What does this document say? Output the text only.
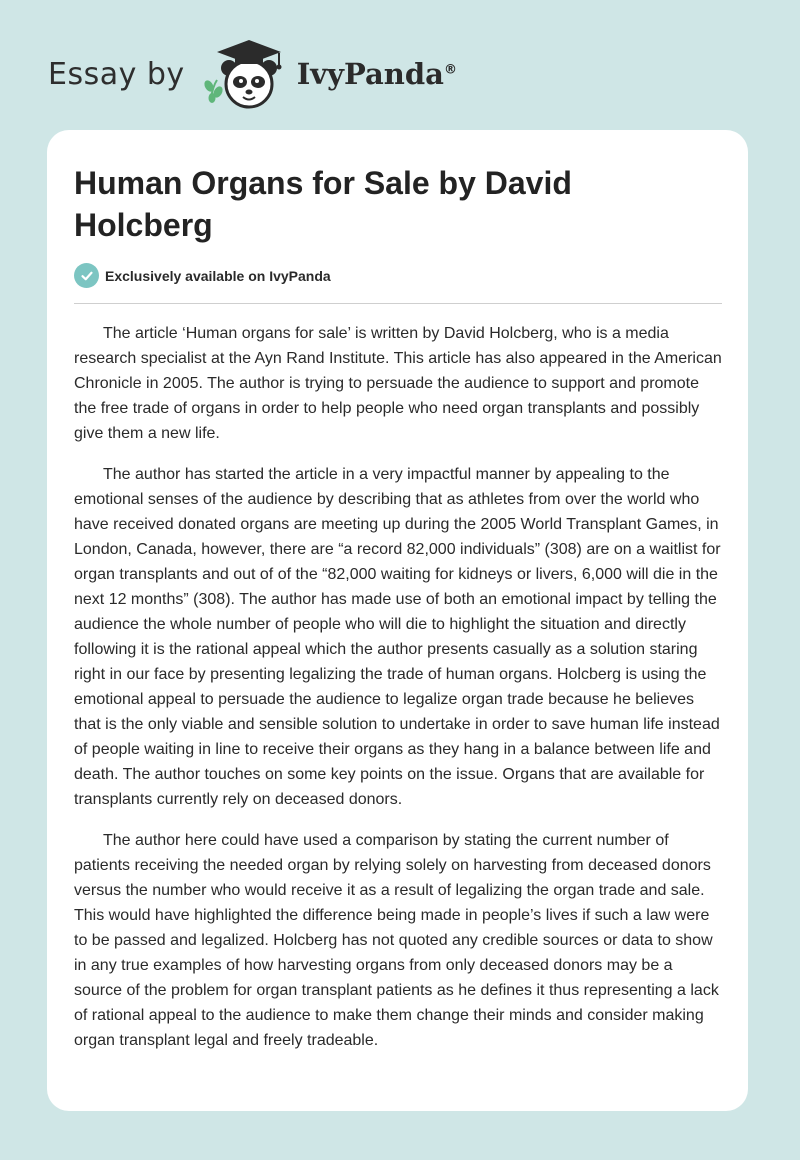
Essay by	IvyPanda®
Human Organs for Sale by David Holcberg
Exclusively available on IvyPanda

The article ‘Human organs for sale’ is written by David Holcberg, who is a media research specialist at the Ayn Rand Institute. This article has also appeared in the American Chronicle in 2005. The author is trying to persuade the audience to support and promote the free trade of organs in order to help people who need organ transplants and possibly give them a new life.

The author has started the article in a very impactful manner by appealing to the emotional senses of the audience by describing that as athletes from over the world who have received donated organs are meeting up during the 2005 World Transplant Games, in London, Canada, however, there are “a record 82,000 individuals” (308) are on a waitlist for organ transplants and out of of the “82,000 waiting for kidneys or livers, 6,000 will die in the next 12 months” (308). The author has made use of both an emotional impact by telling the audience the whole number of people who will die to highlight the situation and directly following it is the rational appeal which the author presents casually as a solution staring right in our face by presenting legalizing the trade of human organs. Holcberg is using the emotional appeal to persuade the audience to legalize organ trade because he believes that is the only viable and sensible solution to undertake in order to save human life instead of people waiting in line to receive their organs as they hang in a balance between life and death. The author touches on some key points on the issue. Organs that are available for transplants currently rely on deceased donors.

The author here could have used a comparison by stating the current number of patients receiving the needed organ by relying solely on harvesting from deceased donors versus the number who would receive it as a result of legalizing the organ trade and sale. This would have highlighted the difference being made in people’s lives if such a law were to be passed and legalized. Holcberg has not quoted any credible sources or data to show in any true examples of how harvesting organs from only deceased donors may be a source of the problem for organ transplant patients as he defines it thus representing a lack of rational appeal to the audience to make them change their minds and consider making organ transplant legal and freely tradeable.
